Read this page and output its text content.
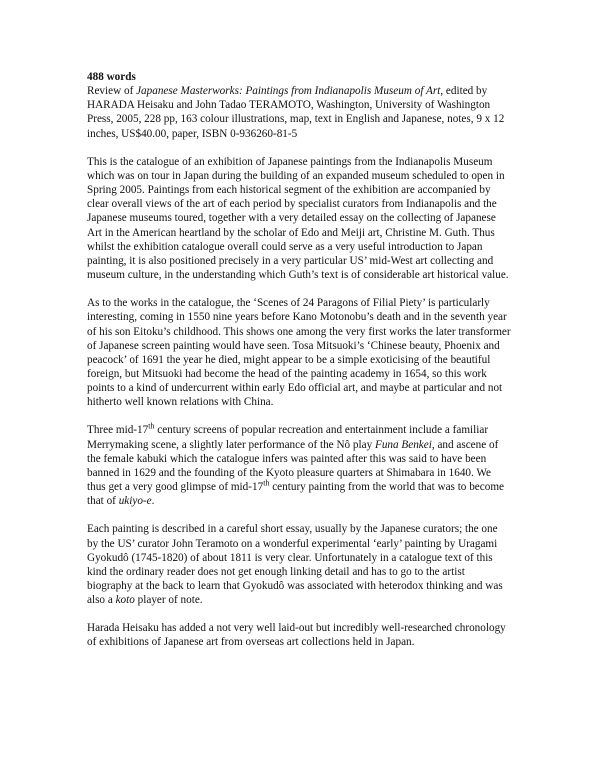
488 words
Review of Japanese Masterworks: Paintings from Indianapolis Museum of Art, edited by HARADA Heisaku and John Tadao TERAMOTO, Washington, University of Washington Press, 2005, 228 pp, 163 colour illustrations, map, text in English and Japanese, notes, 9 x 12 inches, US$40.00, paper, ISBN 0-936260-81-5

This is the catalogue of an exhibition of Japanese paintings from the Indianapolis Museum which was on tour in Japan during the building of an expanded museum scheduled to open in Spring 2005. Paintings from each historical segment of the exhibition are accompanied by clear overall views of the art of each period by specialist curators from Indianapolis and the Japanese museums toured, together with a very detailed essay on the collecting of Japanese Art in the American heartland by the scholar of Edo and Meiji art, Christine M. Guth. Thus whilst the exhibition catalogue overall could serve as a very useful introduction to Japan painting, it is also positioned precisely in a very particular US’ mid-West art collecting and museum culture, in the understanding which Guth’s text is of considerable art historical value.

As to the works in the catalogue, the ‘Scenes of 24 Paragons of Filial Piety’ is particularly interesting, coming in 1550 nine years before Kano Motonobu’s death and in the seventh year of his son Eitoku’s childhood. This shows one among the very first works the later transformer of Japanese screen painting would have seen. Tosa Mitsuoki’s ‘Chinese beauty, Phoenix and peacock’ of 1691 the year he died, might appear to be a simple exoticising of the beautiful foreign, but Mitsuoki had become the head of the painting academy in 1654, so this work points to a kind of undercurrent within early Edo official art, and maybe at particular and not hitherto well known relations with China.

Three mid-17th century screens of popular recreation and entertainment include a familiar Merrymaking scene, a slightly later performance of the Nô play Funa Benkei, and ascene of the female kabuki which the catalogue infers was painted after this was said to have been banned in 1629 and the founding of the Kyoto pleasure quarters at Shimabara in 1640. We thus get a very good glimpse of mid-17th century painting from the world that was to become that of ukiyo-e.

Each painting is described in a careful short essay, usually by the Japanese curators; the one by the US’ curator John Teramoto on a wonderful experimental ‘early’ painting by Uragami Gyokudô (1745-1820) of about 1811 is very clear. Unfortunately in a catalogue text of this kind the ordinary reader does not get enough linking detail and has to go to the artist biography at the back to learn that Gyokudô was associated with heterodox thinking and was also a koto player of note.

Harada Heisaku has added a not very well laid-out but incredibly well-researched chronology of exhibitions of Japanese art from overseas art collections held in Japan.
